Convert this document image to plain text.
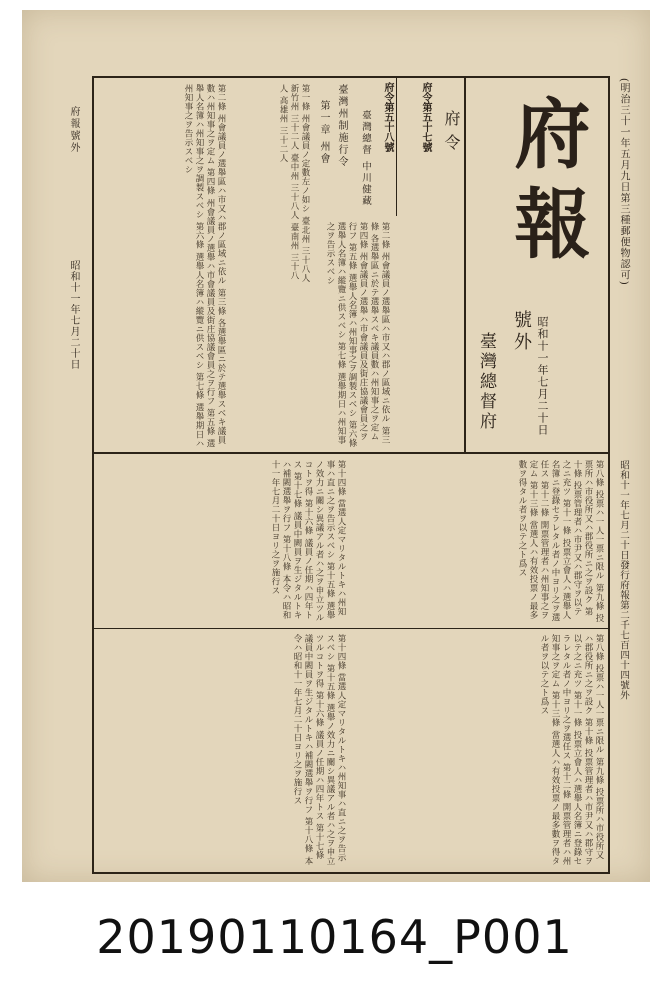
(明治三十一年五月九日第三種郵便物認可)
府報
號外
臺灣總督府	昭和十一年七月二十日
府令
府令第五十七號
府令第五十八號
臺灣總督 中川健藏
臺灣州制施行令
第一章 州會
第一條 州會議員ノ定數左ノ如シ 臺北州 三十八人 新竹州 三十二人 臺中州 三十八人 臺南州 三十八人 高雄州 三十二人
第二條 州會議員ノ選舉區ハ市又ハ郡ノ區域ニ依ル 第三條 各選舉區ニ於テ選舉スベキ議員數ハ州知事之ヲ定ム 第四條 州會議員ノ選舉ハ市會議員及街庄協議會員之ヲ行フ 第五條 選舉人名簿ハ州知事之ヲ調製スベシ 第六條 選舉人名簿ハ縱覽ニ供スベシ 第七條 選舉期日ハ州知事之ヲ告示スベシ
第二條 州會議員ノ選舉區ハ市又ハ郡ノ區域ニ依ル 第三條 各選舉區ニ於テ選舉スベキ議員數ハ州知事之ヲ定ム 第四條 州會議員ノ選舉ハ市會議員及街庄協議會員之ヲ行フ 第五條 選舉人名簿ハ州知事之ヲ調製スベシ 第六條 選舉人名簿ハ縱覽ニ供スベシ 第七條 選舉期日ハ州知事之ヲ告示スベシ
第八條 投票ハ一人一票ニ限ル 第九條 投票所ハ市役所又ハ郡役所ニ之ヲ設ク 第十條 投票管理者ハ市尹又ハ郡守ヲ以テ之ニ充ツ 第十一條 投票立會人ハ選舉人名簿ニ登錄セラレタル者ノ中ヨリ之ヲ選任ス 第十二條 開票管理者ハ州知事之ヲ定ム 第十三條 當選人ハ有效投票ノ最多數ヲ得タル者ヲ以テ之ト爲ス
第十四條 當選人定マリタルトキハ州知事ハ直ニ之ヲ告示スベシ 第十五條 選舉ノ效力ニ關シ異議アル者ハ之ヲ申立ツルコトヲ得 第十六條 議員ノ任期ハ四年トス 第十七條 議員中闕員ヲ生ジタルトキハ補闕選舉ヲ行フ 第十八條 本令ハ昭和十一年七月二十日ヨリ之ヲ施行ス
第八條 投票ハ一人一票ニ限ル 第九條 投票所ハ市役所又ハ郡役所ニ之ヲ設ク 第十條 投票管理者ハ市尹又ハ郡守ヲ以テ之ニ充ツ 第十一條 投票立會人ハ選舉人名簿ニ登錄セラレタル者ノ中ヨリ之ヲ選任ス 第十二條 開票管理者ハ州知事之ヲ定ム 第十三條 當選人ハ有效投票ノ最多數ヲ得タル者ヲ以テ之ト爲ス
第十四條 當選人定マリタルトキハ州知事ハ直ニ之ヲ告示スベシ 第十五條 選舉ノ效力ニ關シ異議アル者ハ之ヲ申立ツルコトヲ得 第十六條 議員ノ任期ハ四年トス 第十七條 議員中闕員ヲ生ジタルトキハ補闕選舉ヲ行フ 第十八條 本令ハ昭和十一年七月二十日ヨリ之ヲ施行ス
府報號外
昭和十一年七月二十日
昭和十一年七月二十日發行府報第二千七百四十四號外
20190110164_P001
